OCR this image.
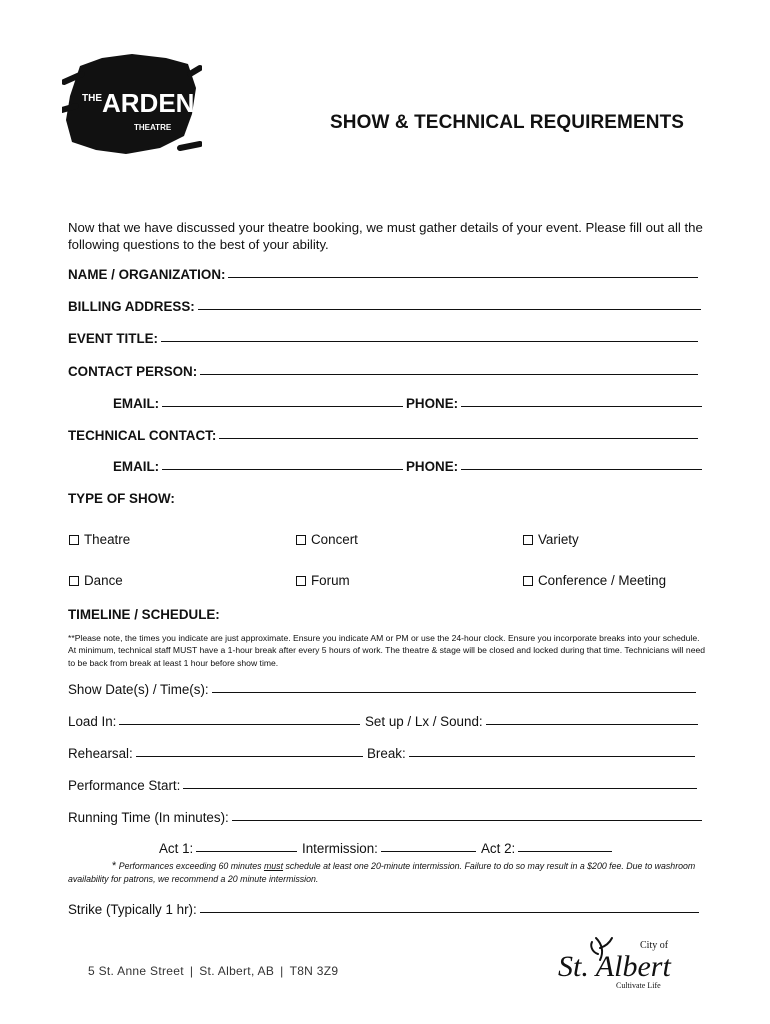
THE ARDEN
THEATRE	SHOW & TECHNICAL REQUIREMENTS
Now that we have discussed your theatre booking, we must gather details of your event. Please fill out all the following questions to the best of your ability.
NAME / ORGANIZATION:
BILLING ADDRESS:
EVENT TITLE:
CONTACT PERSON:
EMAIL:	PHONE:
TECHNICAL CONTACT:
EMAIL:	PHONE:
TYPE OF SHOW:
Theatre	Concert	Variety
Dance	Forum	Conference / Meeting
TIMELINE / SCHEDULE:
**Please note, the times you indicate are just approximate. Ensure you indicate AM or PM or use the 24-hour clock. Ensure you incorporate breaks into your schedule. At minimum, technical staff MUST have a 1-hour break after every 5 hours of work. The theatre & stage will be closed and locked during that time. Technicians will need to be back from break at least 1 hour before show time.
Show Date(s) / Time(s):
Load In:	Set up / Lx / Sound:
Rehearsal:	Break:
Performance Start:
Running Time (In minutes):
Act 1:	Intermission:	Act 2:
* Performances exceeding 60 minutes must schedule at least one 20-minute intermission. Failure to do so may result in a $200 fee. Due to washroom availability for patrons, we recommend a 20 minute intermission.
Strike (Typically 1 hr):
5 St. Anne Street | St. Albert, AB | T8N 3Z9
City of
St. Albert
Cultivate Life
